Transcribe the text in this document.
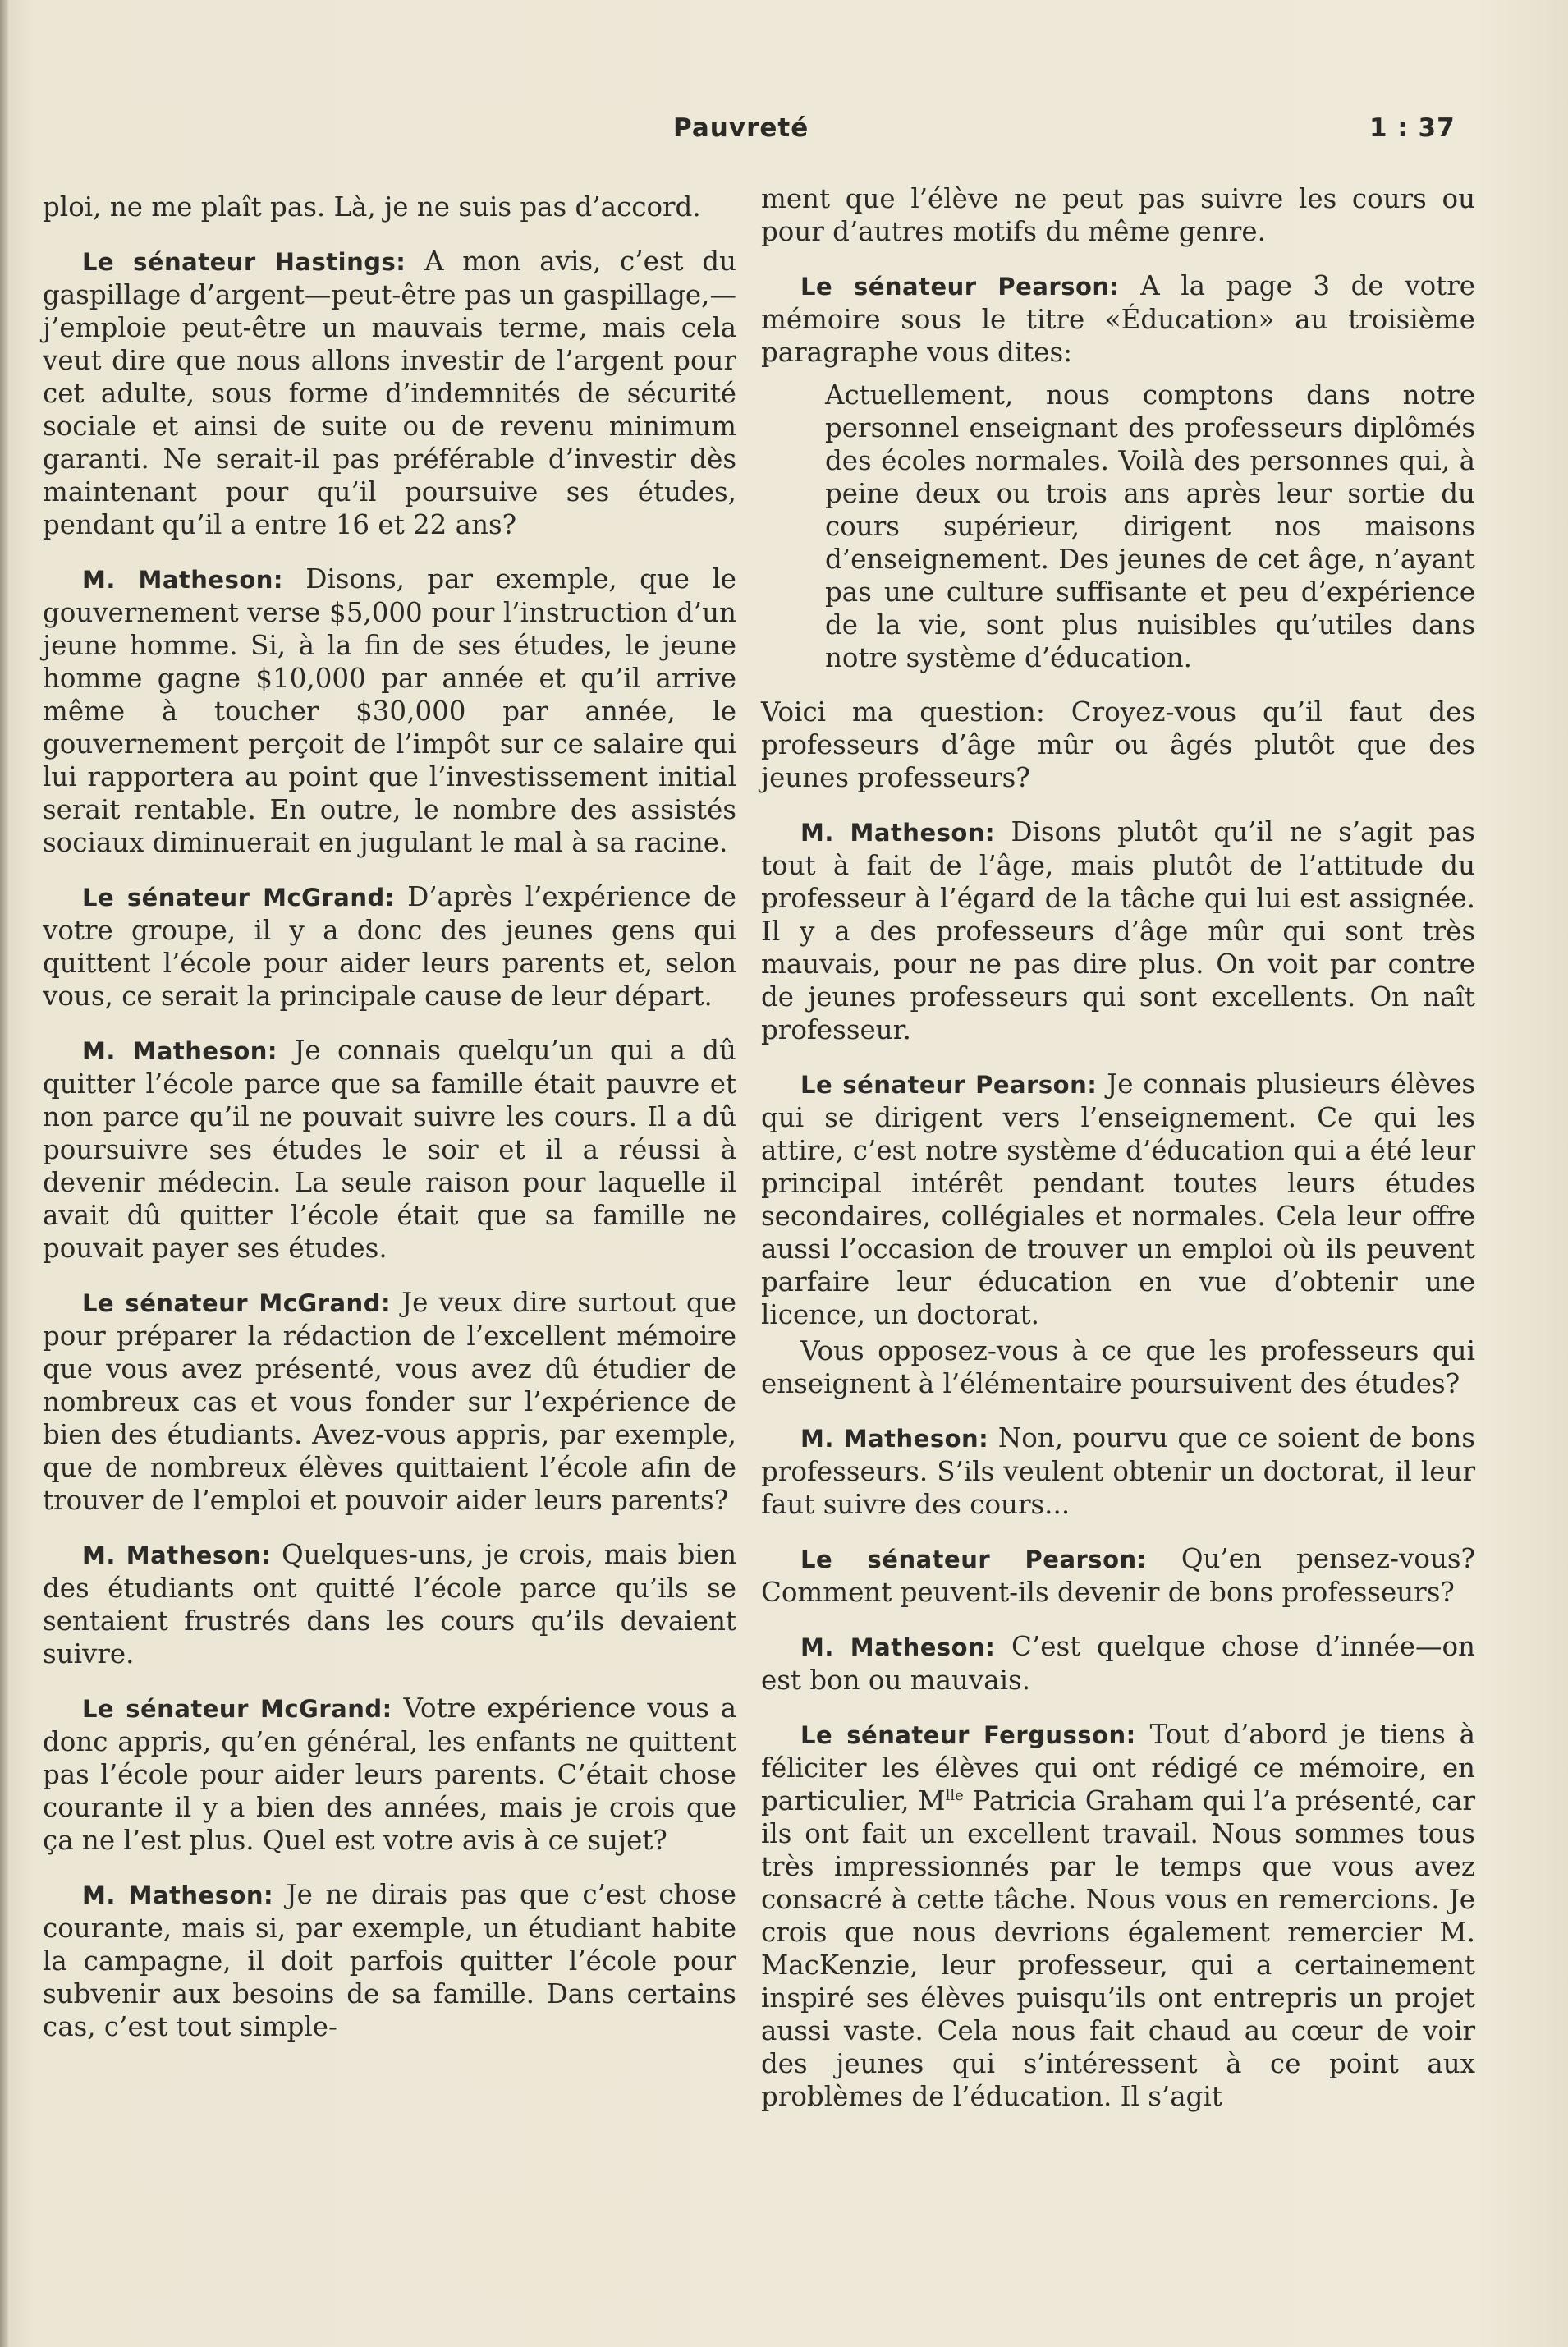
Pauvreté	1 : 37

ploi, ne me plaît pas. Là, je ne suis pas d’accord.

Le sénateur Hastings: A mon avis, c’est du gaspillage d’argent—peut-être pas un gaspillage,—j’emploie peut-être un mauvais terme, mais cela veut dire que nous allons investir de l’argent pour cet adulte, sous forme d’indemnités de sécurité sociale et ainsi de suite ou de revenu minimum garanti. Ne serait-il pas préférable d’investir dès maintenant pour qu’il poursuive ses études, pendant qu’il a entre 16 et 22 ans?

M. Matheson: Disons, par exemple, que le gouvernement verse $5,000 pour l’instruction d’un jeune homme. Si, à la fin de ses études, le jeune homme gagne $10,000 par année et qu’il arrive même à toucher $30,000 par année, le gouvernement perçoit de l’impôt sur ce salaire qui lui rapportera au point que l’investissement initial serait rentable. En outre, le nombre des assistés sociaux diminuerait en jugulant le mal à sa racine.

Le sénateur McGrand: D’après l’expérience de votre groupe, il y a donc des jeunes gens qui quittent l’école pour aider leurs parents et, selon vous, ce serait la principale cause de leur départ.

M. Matheson: Je connais quelqu’un qui a dû quitter l’école parce que sa famille était pauvre et non parce qu’il ne pouvait suivre les cours. Il a dû poursuivre ses études le soir et il a réussi à devenir médecin. La seule raison pour laquelle il avait dû quitter l’école était que sa famille ne pouvait payer ses études.

Le sénateur McGrand: Je veux dire surtout que pour préparer la rédaction de l’excellent mémoire que vous avez présenté, vous avez dû étudier de nombreux cas et vous fonder sur l’expérience de bien des étudiants. Avez-vous appris, par exemple, que de nombreux élèves quittaient l’école afin de trouver de l’emploi et pouvoir aider leurs parents?

M. Matheson: Quelques-uns, je crois, mais bien des étudiants ont quitté l’école parce qu’ils se sentaient frustrés dans les cours qu’ils devaient suivre.

Le sénateur McGrand: Votre expérience vous a donc appris, qu’en général, les enfants ne quittent pas l’école pour aider leurs parents. C’était chose courante il y a bien des années, mais je crois que ça ne l’est plus. Quel est votre avis à ce sujet?

M. Matheson: Je ne dirais pas que c’est chose courante, mais si, par exemple, un étudiant habite la campagne, il doit parfois quitter l’école pour subvenir aux besoins de sa famille. Dans certains cas, c’est tout simple-

ment que l’élève ne peut pas suivre les cours ou pour d’autres motifs du même genre.

Le sénateur Pearson: A la page 3 de votre mémoire sous le titre «Éducation» au troisième paragraphe vous dites:

Actuellement, nous comptons dans notre personnel enseignant des professeurs diplômés des écoles normales. Voilà des personnes qui, à peine deux ou trois ans après leur sortie du cours supérieur, dirigent nos maisons d’enseignement. Des jeunes de cet âge, n’ayant pas une culture suffisante et peu d’expérience de la vie, sont plus nuisibles qu’utiles dans notre système d’éducation.

Voici ma question: Croyez-vous qu’il faut des professeurs d’âge mûr ou âgés plutôt que des jeunes professeurs?

M. Matheson: Disons plutôt qu’il ne s’agit pas tout à fait de l’âge, mais plutôt de l’attitude du professeur à l’égard de la tâche qui lui est assignée. Il y a des professeurs d’âge mûr qui sont très mauvais, pour ne pas dire plus. On voit par contre de jeunes professeurs qui sont excellents. On naît professeur.

Le sénateur Pearson: Je connais plusieurs élèves qui se dirigent vers l’enseignement. Ce qui les attire, c’est notre système d’éducation qui a été leur principal intérêt pendant toutes leurs études secondaires, collégiales et normales. Cela leur offre aussi l’occasion de trouver un emploi où ils peuvent parfaire leur éducation en vue d’obtenir une licence, un doctorat.

Vous opposez-vous à ce que les professeurs qui enseignent à l’élémentaire poursuivent des études?

M. Matheson: Non, pourvu que ce soient de bons professeurs. S’ils veulent obtenir un doctorat, il leur faut suivre des cours...

Le sénateur Pearson: Qu’en pensez-vous? Comment peuvent-ils devenir de bons professeurs?

M. Matheson: C’est quelque chose d’innée—on est bon ou mauvais.

Le sénateur Fergusson: Tout d’abord je tiens à féliciter les élèves qui ont rédigé ce mémoire, en particulier, $M^{lle}$ Patricia Graham qui l’a présenté, car ils ont fait un excellent travail. Nous sommes tous très impressionnés par le temps que vous avez consacré à cette tâche. Nous vous en remercions. Je crois que nous devrions également remercier M. MacKenzie, leur professeur, qui a certainement inspiré ses élèves puisqu’ils ont entrepris un projet aussi vaste. Cela nous fait chaud au cœur de voir des jeunes qui s’intéressent à ce point aux problèmes de l’éducation. Il s’agit
